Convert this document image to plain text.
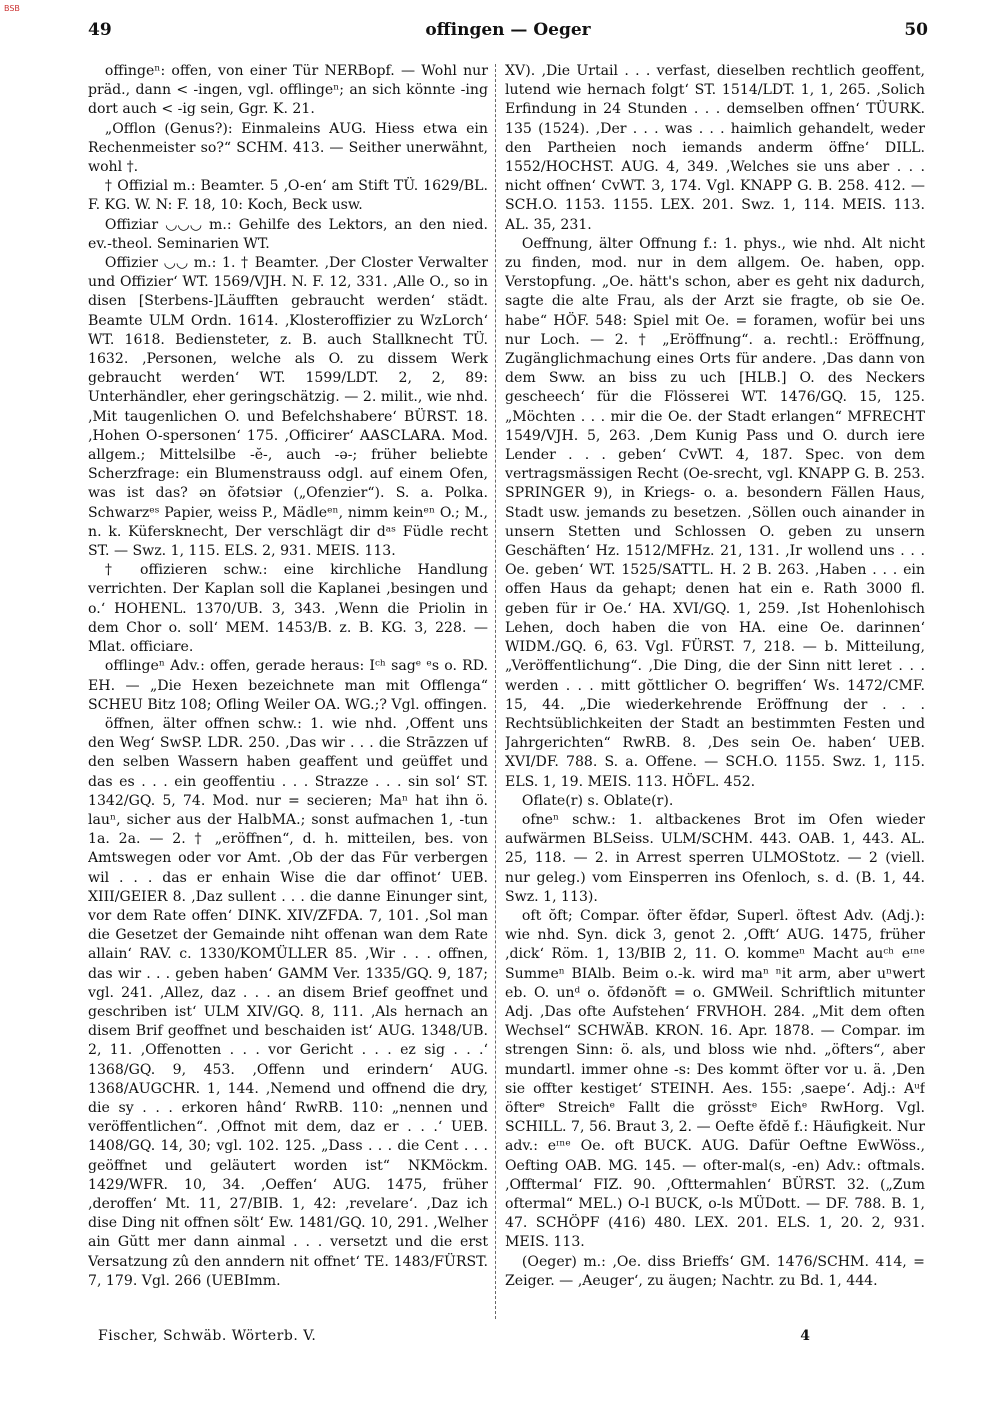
BSB
49	offingen — Oeger	50

offingeⁿ: offen, von einer Tür NERBopf. — Wohl nur präd., dann < -ingen, vgl. offlingeⁿ; an sich könnte -ing dort auch < -ig sein, Ggr. K. 21.

„Offlon (Genus?): Einmaleins AUG. Hiess etwa ein Rechenmeister so?“ SCHM. 413. — Seither unerwähnt, wohl †.

† Offizial m.: Beamter. 5 ‚O-en‘ am Stift TÜ. 1629/BL. F. KG. W. N: F. 18, 10: Koch, Beck usw.

Offiziar ◡◡◡ m.: Gehilfe des Lektors, an den nied. ev.-theol. Seminarien WT.

Offizier ◡◡ m.: 1. † Beamter. ‚Der Closter Verwalter und Offizier‘ WT. 1569/VJH. N. F. 12, 331. ‚Alle O., so in disen [Sterbens-]Läufften gebraucht werden‘ städt. Beamte ULM Ordn. 1614. ‚Klosteroffizier zu WzLorch‘ WT. 1618. Bediensteter, z. B. auch Stallknecht TÜ. 1632. ‚Personen, welche als O. zu dissem Werk gebraucht werden‘ WT. 1599/LDT. 2, 2, 89: Unterhändler, eher geringschätzig. — 2. milit., wie nhd. ‚Mit taugenlichen O. und Befelchshabere‘ BÜRST. 18. ‚Hohen O-spersonen‘ 175. ‚Officirer‘ AASCLARA. Mod. allgem.; Mittelsilbe -ĕ-, auch -ə-; früher beliebte Scherzfrage: ein Blumenstrauss odgl. auf einem Ofen, was ist das? ən ŏfətsiər („Ofenzier“). S. a. Polka. Schwarzᵉˢ Papier, weiss P., Mädleᵉⁿ, nimm keinᵉⁿ O.; M., n. k. Küfersknecht, Der verschlägt dir dᵃˢ Füdle recht ST. — Swz. 1, 115. ELS. 2, 931. MEIS. 113.

† offizieren schw.: eine kirchliche Handlung verrichten. Der Kaplan soll die Kaplanei ‚besingen und o.‘ HOHENL. 1370/UB. 3, 343. ‚Wenn die Priolin in dem Chor o. soll‘ MEM. 1453/B. z. B. KG. 3, 228. — Mlat. officiare.

offlingeⁿ Adv.: offen, gerade heraus: Iᶜʰ sagᵉ ᵉs o. RD. EH. — „Die Hexen bezeichnete man mit Offlenga“ SCHEU Bitz 108; Ofling Weiler OA. WG.;? Vgl. offingen.

öffnen, älter offnen schw.: 1. wie nhd. ‚Offent uns den Weg‘ SwSP. LDR. 250. ‚Das wir . . . die Strāzzen uf den selben Wassern haben geaffent und geüffet und das es . . . ein geoffentiu . . . Strazze . . . sin sol‘ ST. 1342/GQ. 5, 74. Mod. nur = secieren; Maⁿ hat ihn ö. lauⁿ, sicher aus der HalbMA.; sonst aufmachen 1, -tun 1a. 2a. — 2. † „eröffnen“, d. h. mitteilen, bes. von Amtswegen oder vor Amt. ‚Ob der das Fūr verbergen wil . . . das er enhain Wise die dar offinot‘ UEB. XIII/GEIER 8. ‚Daz sullent . . . die danne Einunger sint, vor dem Rate offen‘ DINK. XIV/ZFDA. 7, 101. ‚Sol man die Gesetzet der Gemainde niht offenan wan dem Rate allain‘ RAV. c. 1330/KOMÜLLER 85. ‚Wir . . . offnen, das wir . . . geben haben‘ GAMM Ver. 1335/GQ. 9, 187; vgl. 241. ‚Allez, daz . . . an disem Brief geoffnet und geschriben ist‘ ULM XIV/GQ. 8, 111. ‚Als hernach an disem Brif geoffnet und beschaiden ist‘ AUG. 1348/UB. 2, 11. ‚Offenotten . . . vor Gericht . . . ez sig . . .‘ 1368/GQ. 9, 453. ‚Offenn und erindern‘ AUG. 1368/AUGCHR. 1, 144. ‚Nemend und offnend die dry, die sy . . . erkoren hând‘ RwRB. 110: „nennen und veröffentlichen“. ‚Offnot mit dem, daz er . . .‘ UEB. 1408/GQ. 14, 30; vgl. 102. 125. „Dass . . . die Cent . . . geöffnet und geläutert worden ist“ NKMöckm. 1429/WFR. 10, 34. ‚Oeffen‘ AUG. 1475, früher ‚deroffen‘ Mt. 11, 27/BIB. 1, 42: ‚revelare‘. ‚Daz ich dise Ding nit offnen sölt‘ Ew. 1481/GQ. 10, 291. ‚Welher ain Gŭtt mer dann ainmal . . . versetzt und die erst Versatzung zû den anndern nit offnet‘ TE. 1483/FÜRST. 7, 179. Vgl. 266 (UEBImm.

XV). ‚Die Urtail . . . verfast, dieselben rechtlich geoffent, lutend wie hernach folgt‘ ST. 1514/LDT. 1, 1, 265. ‚Solich Erfindung in 24 Stunden . . . demselben offnen‘ TÜURK. 135 (1524). ‚Der . . . was . . . haimlich gehandelt, weder den Partheien noch iemands anderm öffne‘ DILL. 1552/HOCHST. AUG. 4, 349. ‚Welches sie uns aber . . . nicht offnen‘ CvWT. 3, 174. Vgl. KNAPP G. B. 258. 412. — SCH.O. 1153. 1155. LEX. 201. Swz. 1, 114. MEIS. 113. AL. 35, 231.

Oeffnung, älter Offnung f.: 1. phys., wie nhd. Alt nicht zu finden, mod. nur in dem allgem. Oe. haben, opp. Verstopfung. „Oe. hätt's schon, aber es geht nix dadurch, sagte die alte Frau, als der Arzt sie fragte, ob sie Oe. habe“ HÖF. 548: Spiel mit Oe. = foramen, wofür bei uns nur Loch. — 2. † „Eröffnung“. a. rechtl.: Eröffnung, Zugänglichmachung eines Orts für andere. ‚Das dann von dem Sww. an biss zu uch [HLB.] O. des Neckers gescheech‘ für die Flösserei WT. 1476/GQ. 15, 125. „Möchten . . . mir die Oe. der Stadt erlangen“ MFRECHT 1549/VJH. 5, 263. ‚Dem Kunig Pass und O. durch iere Lender . . . geben‘ CvWT. 4, 187. Spec. von dem vertragsmässigen Recht (Oe-srecht, vgl. KNAPP G. B. 253. SPRINGER 9), in Kriegs- o. a. besondern Fällen Haus, Stadt usw. jemands zu besetzen. ‚Söllen ouch ainander in unsern Stetten und Schlossen O. geben zu unsern Geschäften‘ Hz. 1512/MFHz. 21, 131. ‚Ir wollend uns . . . Oe. geben‘ WT. 1525/SATTL. H. 2 B. 263. ‚Haben . . . ein offen Haus da gehapt; denen hat ein e. Rath 3000 fl. geben für ir Oe.‘ HA. XVI/GQ. 1, 259. ‚Ist Hohenlohisch Lehen, doch haben die von HA. eine Oe. darinnen‘ WIDM./GQ. 6, 63. Vgl. FÜRST. 7, 218. — b. Mitteilung, „Veröffentlichung“. ‚Die Ding, die der Sinn nitt leret . . . werden . . . mitt gŏttlicher O. begriffen‘ Ws. 1472/CMF. 15, 44. „Die wiederkehrende Eröffnung der . . . Rechtsüblichkeiten der Stadt an bestimmten Festen und Jahrgerichten“ RwRB. 8. ‚Des sein Oe. haben‘ UEB. XVI/DF. 788. S. a. Offene. — SCH.O. 1155. Swz. 1, 115. ELS. 1, 19. MEIS. 113. HÖFL. 452.

Oflate(r) s. Oblate(r).

ofneⁿ schw.: 1. altbackenes Brot im Ofen wieder aufwärmen BLSeiss. ULM/SCHM. 443. OAB. 1, 443. AL. 25, 118. — 2. in Arrest sperren ULMOStotz. — 2 (viell. nur geleg.) vom Einsperren ins Ofenloch, s. d. (B. 1, 44. Swz. 1, 113).

oft ŏft; Compar. öfter ĕfdər, Superl. öftest Adv. (Adj.): wie nhd. Syn. dick 3, genot 2. ‚Offt‘ AUG. 1475, früher ‚dick‘ Röm. 1, 13/BIB 2, 11. O. kommeⁿ Macht auᶜʰ eᶦⁿᵉ Summeⁿ BIAlb. Beim o.-k. wird maⁿ ⁿit arm, aber uⁿwert eb. O. unᵈ o. ŏfdənŏft = o. GMWeil. Schriftlich mitunter Adj. ‚Das ofte Aufstehen‘ FRVHOH. 284. „Mit dem often Wechsel“ SCHWÄB. KRON. 16. Apr. 1878. — Compar. im strengen Sinn: ö. als, und bloss wie nhd. „öfters“, aber mundartl. immer ohne -s: Des kommt öfter vor u. ä. ‚Den sie offter kestiget‘ STEINH. Aes. 155: ‚saepe‘. Adj.: Aᵘf öfterᵉ Streichᵉ Fallt die grösstᵉ Eichᵉ RwHorg. Vgl. SCHILL. 7, 56. Braut 3, 2. — Oefte ĕfdĕ f.: Häufigkeit. Nur adv.: eᶦⁿᵉ Oe. oft BUCK. AUG. Dafür Oeftne EwWöss., Oefting OAB. MG. 145. — ofter-mal(s, -en) Adv.: oftmals. ‚Offtermal‘ FIZ. 90. ‚Ofttermahlen‘ BÜRST. 32. („Zum oftermal“ MEL.) O-l BUCK, o-ls MÜDott. — DF. 788. B. 1, 47. SCHÖPF (416) 480. LEX. 201. ELS. 1, 20. 2, 931. MEIS. 113.

(Oeger) m.: ‚Oe. diss Brieffs‘ GM. 1476/SCHM. 414, = Zeiger. — ‚Aeuger‘, zu äugen; Nachtr. zu Bd. 1, 444.

Fischer, Schwäb. Wörterb. V.	4
